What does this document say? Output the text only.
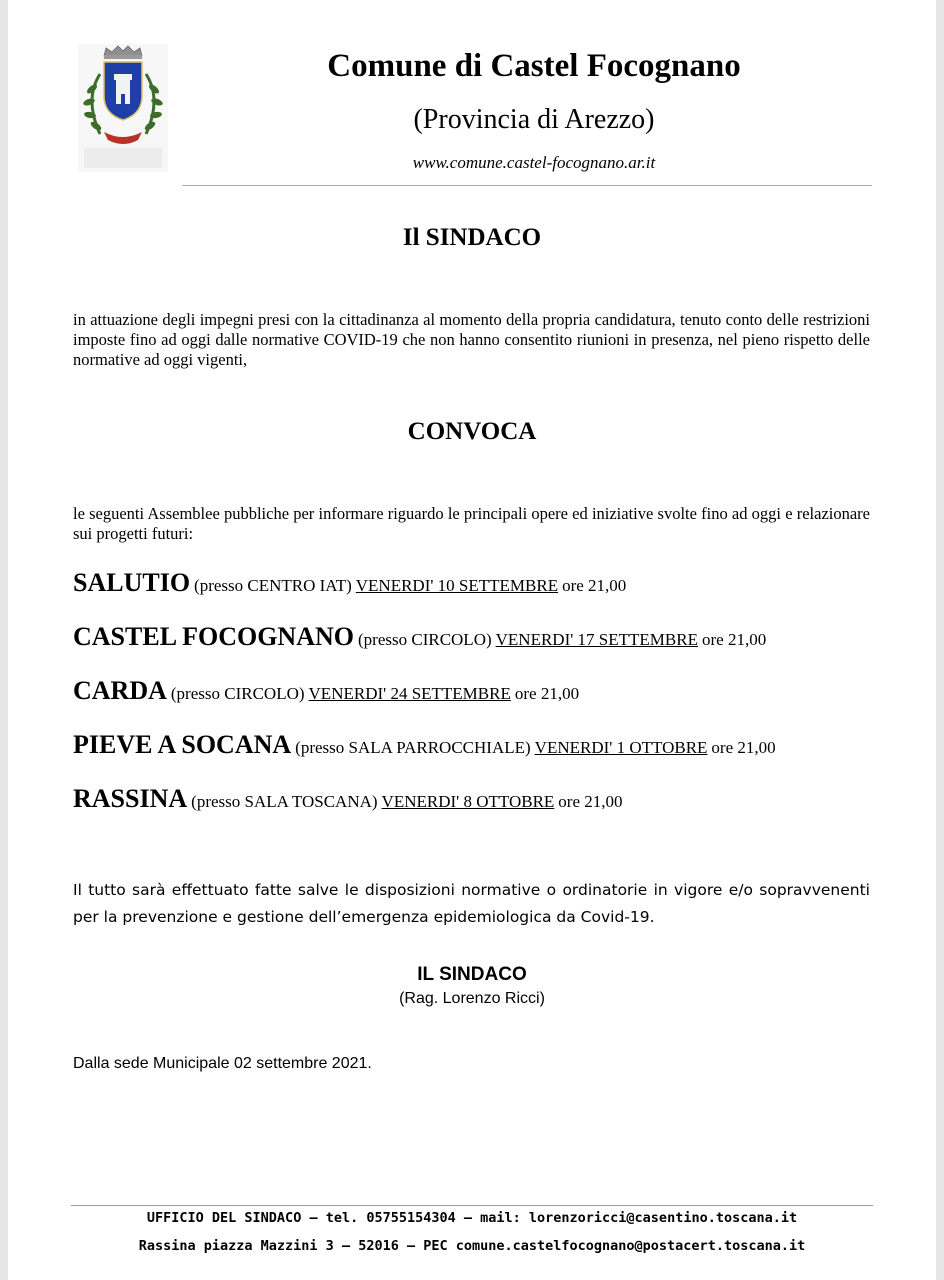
Comune di Castel Focognano
(Provincia di Arezzo)
www.comune.castel-focognano.ar.it
Il SINDACO
in attuazione degli impegni presi con la cittadinanza al momento della propria candidatura, tenuto conto delle restrizioni imposte fino ad oggi dalle normative COVID-19 che non hanno consentito riunioni in presenza, nel pieno rispetto delle normative ad oggi vigenti,
CONVOCA
le seguenti Assemblee pubbliche per informare riguardo le principali opere ed iniziative svolte fino ad oggi e relazionare sui progetti futuri:
SALUTIO (presso CENTRO IAT) VENERDI' 10 SETTEMBRE ore 21,00
CASTEL FOCOGNANO (presso CIRCOLO) VENERDI' 17 SETTEMBRE ore 21,00
CARDA (presso CIRCOLO) VENERDI' 24 SETTEMBRE ore 21,00
PIEVE A SOCANA (presso SALA PARROCCHIALE) VENERDI' 1 OTTOBRE ore 21,00
RASSINA (presso SALA TOSCANA) VENERDI' 8 OTTOBRE ore 21,00
Il tutto sarà effettuato fatte salve le disposizioni normative o ordinatorie in vigore e/o sopravvenenti per la prevenzione e gestione dell’emergenza epidemiologica da Covid-19.
IL SINDACO
(Rag. Lorenzo Ricci)
Dalla sede Municipale 02 settembre 2021.
UFFICIO DEL SINDACO – tel. 05755154304 – mail: lorenzoricci@casentino.toscana.it
Rassina piazza Mazzini 3 – 52016 – PEC comune.castelfocognano@postacert.toscana.it
